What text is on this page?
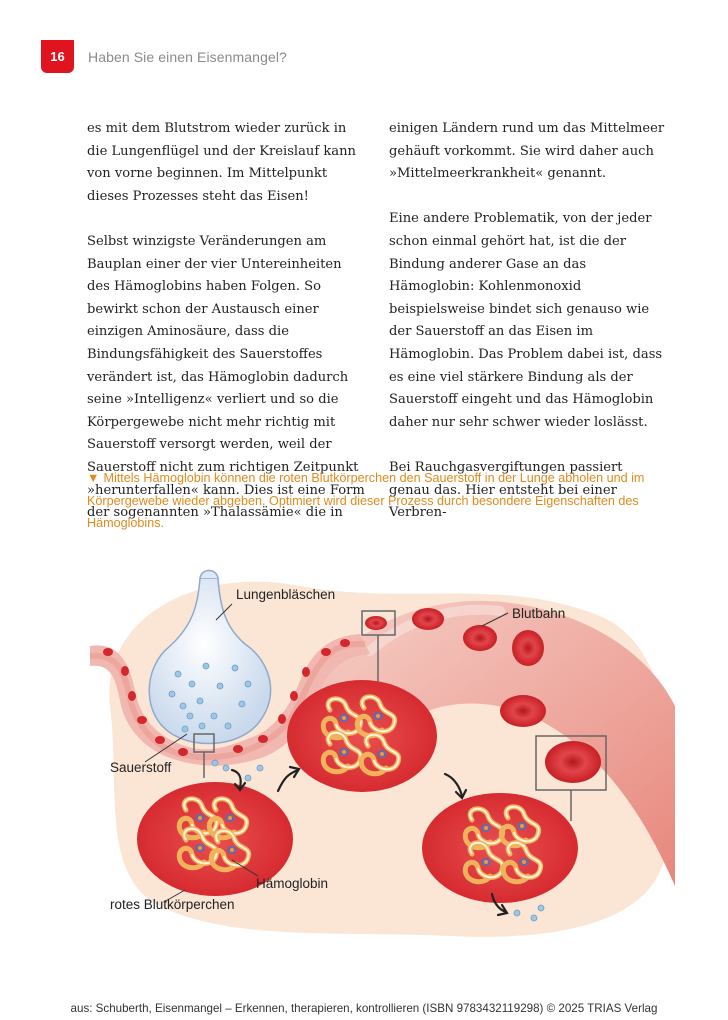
16	Haben Sie einen Eisenmangel?

es mit dem Blutstrom wieder zurück in die Lungenflügel und der Kreislauf kann von vorne beginnen. Im Mittelpunkt dieses Prozesses steht das Eisen!

Selbst winzigste Veränderungen am Bauplan einer der vier Untereinheiten des Hämoglobins haben Folgen. So bewirkt schon der Austausch einer einzigen Aminosäure, dass die Bindungsfähigkeit des Sauerstoffes verändert ist, das Hämoglobin dadurch seine »Intelligenz« verliert und so die Körpergewebe nicht mehr richtig mit Sauerstoff versorgt werden, weil der Sauerstoff nicht zum richtigen Zeitpunkt »herunterfallen« kann. Dies ist eine Form der sogenannten »Thalassämie« die in

einigen Ländern rund um das Mittelmeer gehäuft vorkommt. Sie wird daher auch »Mittelmeerkrankheit« genannt.

Eine andere Problematik, von der jeder schon einmal gehört hat, ist die der Bindung anderer Gase an das Hämoglobin: Kohlenmonoxid beispielsweise bindet sich genauso wie der Sauerstoff an das Eisen im Hämoglobin. Das Problem dabei ist, dass es eine viel stärkere Bindung als der Sauerstoff eingeht und das Hämoglobin daher nur sehr schwer wieder loslässt.

Bei Rauchgasvergiftungen passiert genau das. Hier entsteht bei einer Verbren-

▼ Mittels Hämoglobin können die roten Blutkörperchen den Sauerstoff in der Lunge abholen und im Körpergewebe wieder abgeben. Optimiert wird dieser Prozess durch besondere Eigenschaften des Hämoglobins.
Lungenbläschen
Blutbahn
Sauerstoff
Hämoglobin
rotes Blutkörperchen
aus: Schuberth, Eisenmangel – Erkennen, therapieren, kontrollieren (ISBN 9783432119298) © 2025 TRIAS Verlag
